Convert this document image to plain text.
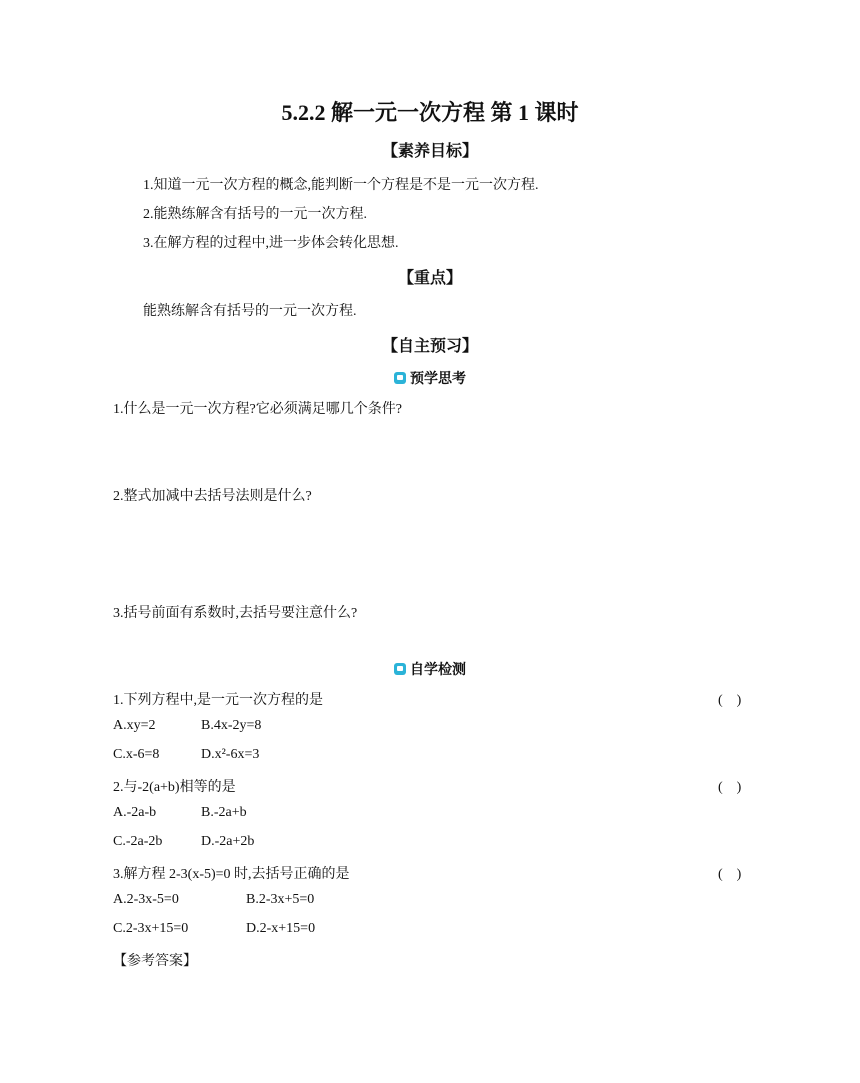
5.2.2 解一元一次方程 第 1 课时
【素养目标】
1.知道一元一次方程的概念,能判断一个方程是不是一元一次方程.
2.能熟练解含有括号的一元一次方程.
3.在解方程的过程中,进一步体会转化思想.
【重点】
能熟练解含有括号的一元一次方程.
【自主预习】
预学思考
1.什么是一元一次方程?它必须满足哪几个条件?
2.整式加减中去括号法则是什么?
3.括号前面有系数时,去括号要注意什么?
自学检测
1.下列方程中,是一元一次方程的是	(　)
A.xy=2	B.4x-2y=8
C.x-6=8	D.x²-6x=3
2.与-2(a+b)相等的是	(　)
A.-2a-b	B.-2a+b
C.-2a-2b	D.-2a+2b
3.解方程 2-3(x-5)=0 时,去括号正确的是	(　)
A.2-3x-5=0	B.2-3x+5=0
C.2-3x+15=0	D.2-x+15=0
【参考答案】
